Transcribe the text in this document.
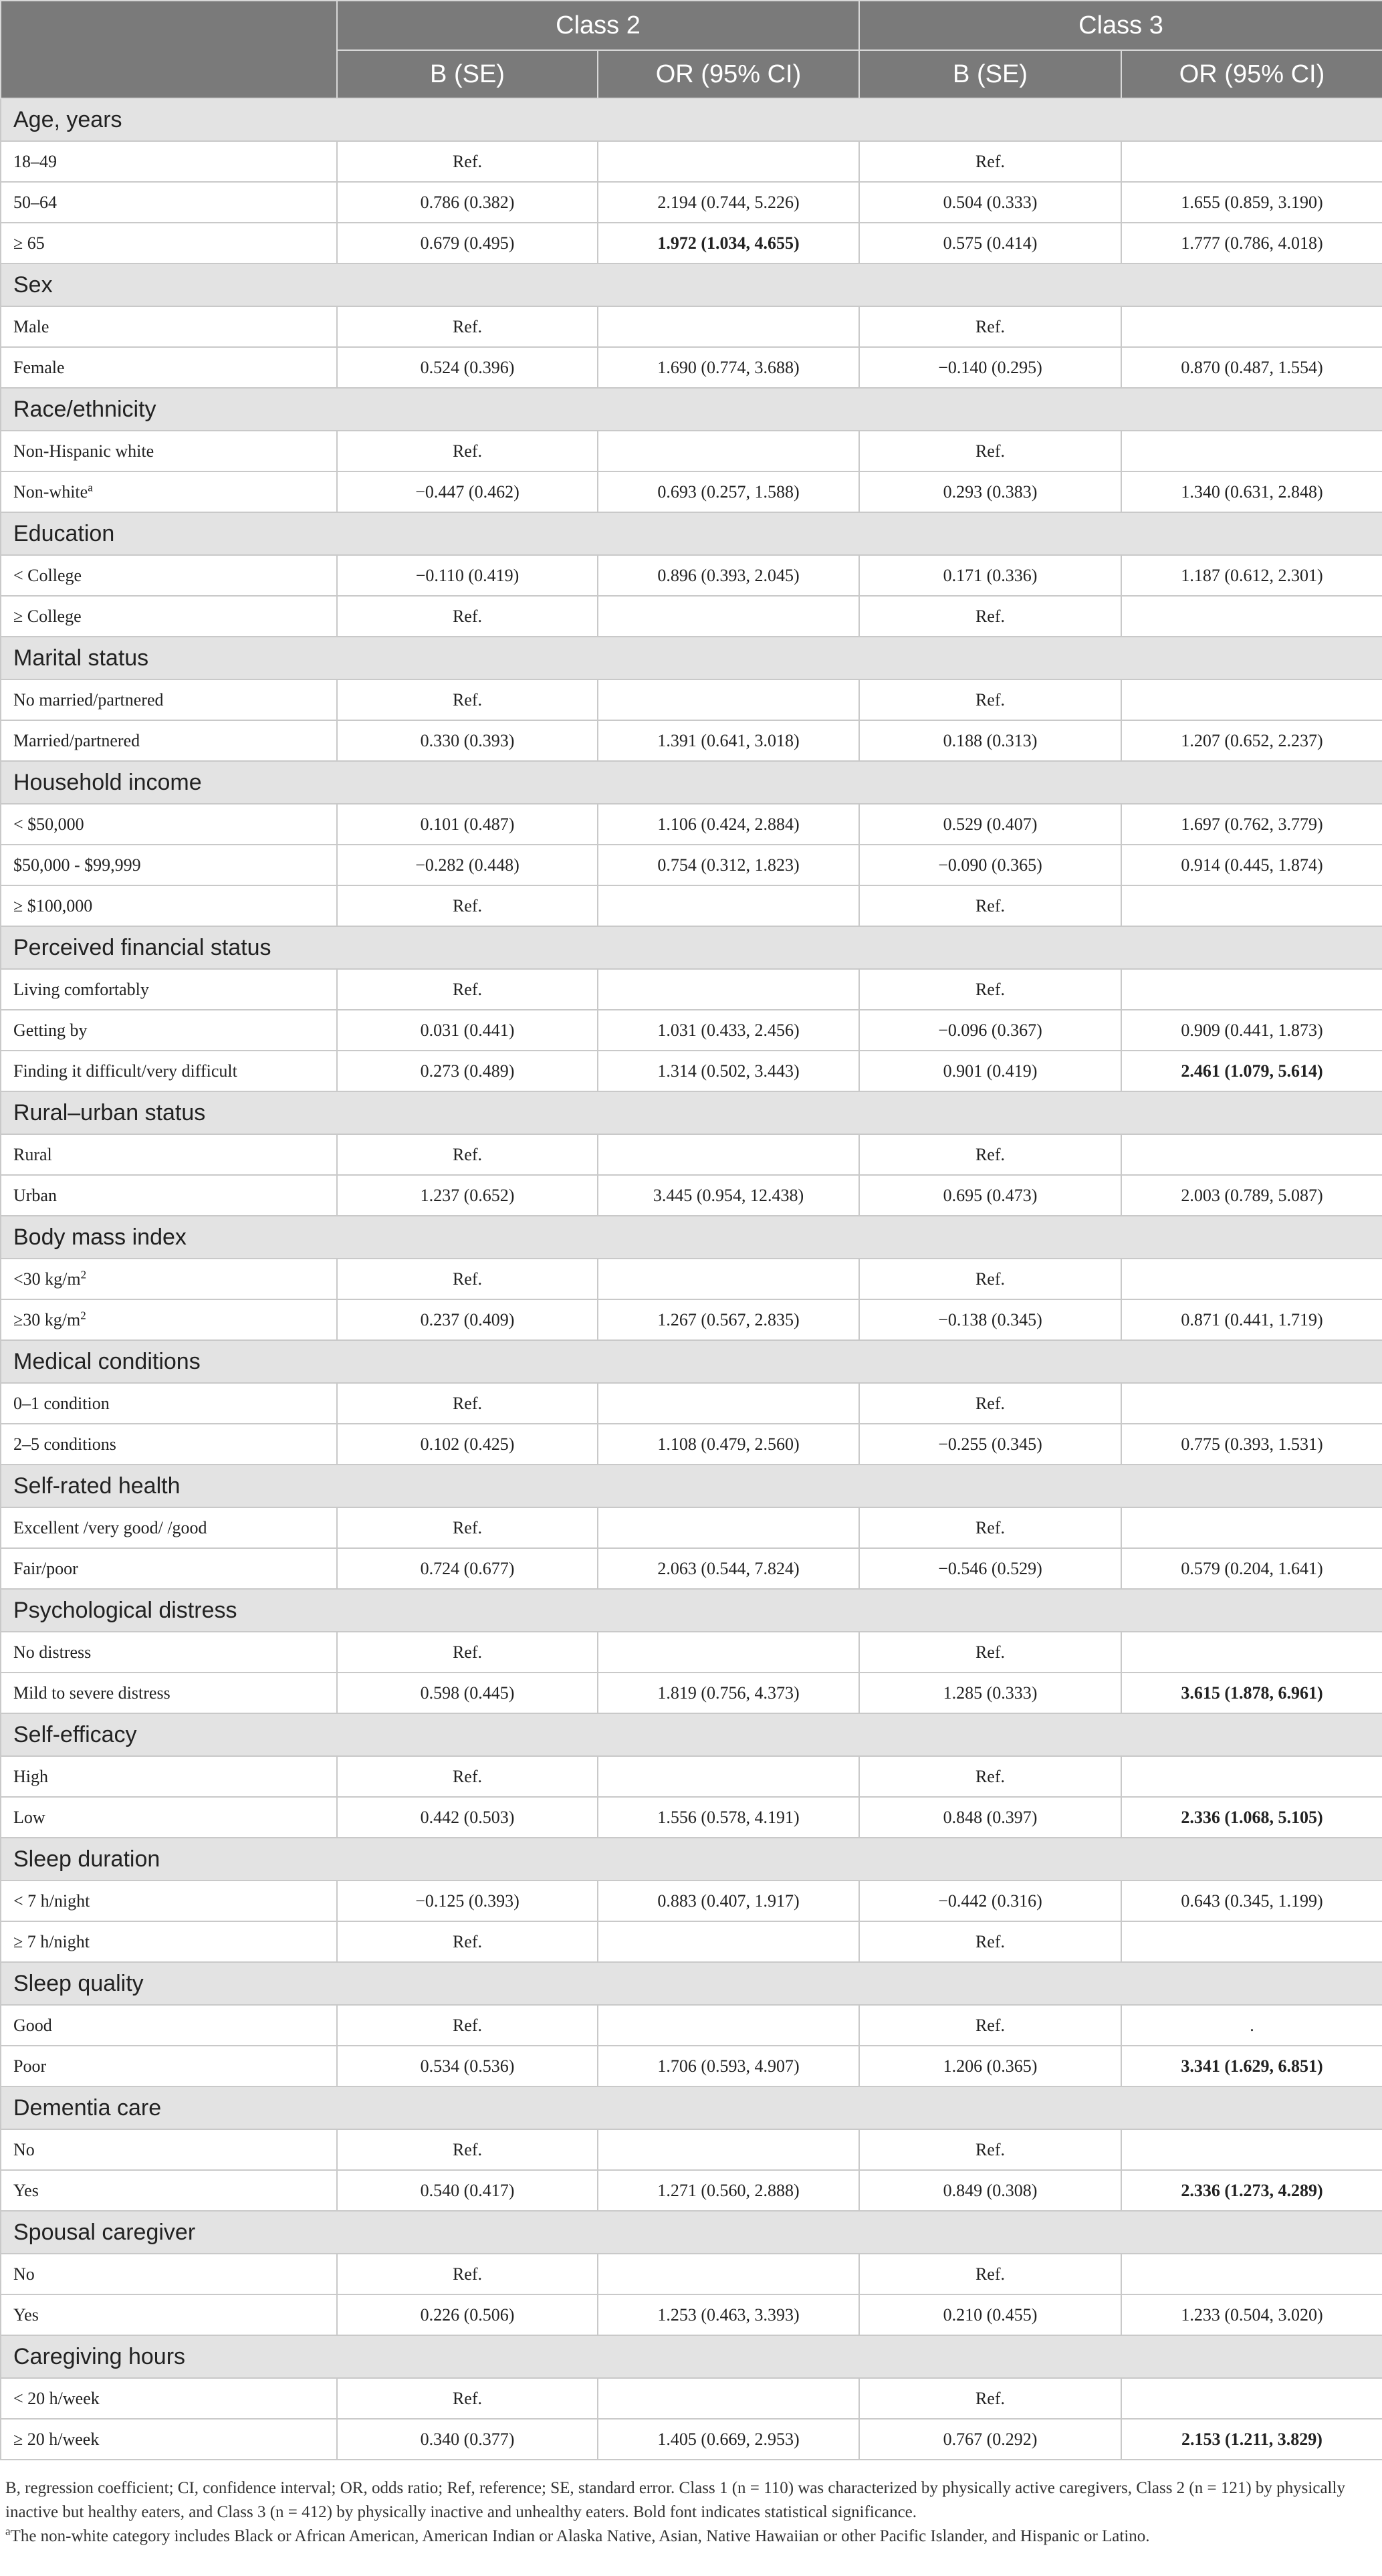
	Class 2		Class 3	
	B (SE)	OR (95% CI)	B (SE)	OR (95% CI)
Age, years				
18–49	Ref.		Ref.	
50–64	0.786 (0.382)	2.194 (0.744, 5.226)	0.504 (0.333)	1.655 (0.859, 3.190)
≥ 65	0.679 (0.495)	1.972 (1.034, 4.655)	0.575 (0.414)	1.777 (0.786, 4.018)
Sex				
Male	Ref.		Ref.	
Female	0.524 (0.396)	1.690 (0.774, 3.688)	−0.140 (0.295)	0.870 (0.487, 1.554)
Race/ethnicity				
Non-Hispanic white	Ref.		Ref.	
Non-white$^a$	−0.447 (0.462)	0.693 (0.257, 1.588)	0.293 (0.383)	1.340 (0.631, 2.848)
Education				
< College	−0.110 (0.419)	0.896 (0.393, 2.045)	0.171 (0.336)	1.187 (0.612, 2.301)
≥ College	Ref.		Ref.	
Marital status				
No married/partnered	Ref.		Ref.	
Married/partnered	0.330 (0.393)	1.391 (0.641, 3.018)	0.188 (0.313)	1.207 (0.652, 2.237)
Household income				
< $50,000	0.101 (0.487)	1.106 (0.424, 2.884)	0.529 (0.407)	1.697 (0.762, 3.779)
$50,000 - $99,999	−0.282 (0.448)	0.754 (0.312, 1.823)	−0.090 (0.365)	0.914 (0.445, 1.874)
≥ $100,000	Ref.		Ref.	
Perceived financial status				
Living comfortably	Ref.		Ref.	
Getting by	0.031 (0.441)	1.031 (0.433, 2.456)	−0.096 (0.367)	0.909 (0.441, 1.873)
Finding it difficult/very difficult	0.273 (0.489)	1.314 (0.502, 3.443)	0.901 (0.419)	2.461 (1.079, 5.614)
Rural–urban status				
Rural	Ref.		Ref.	
Urban	1.237 (0.652)	3.445 (0.954, 12.438)	0.695 (0.473)	2.003 (0.789, 5.087)
Body mass index				
<30 $kg/m^2$	Ref.		Ref.	
≥30 $kg/m^2$	0.237 (0.409)	1.267 (0.567, 2.835)	−0.138 (0.345)	0.871 (0.441, 1.719)
Medical conditions				
0–1 condition	Ref.		Ref.	
2–5 conditions	0.102 (0.425)	1.108 (0.479, 2.560)	−0.255 (0.345)	0.775 (0.393, 1.531)
Self-rated health				
Excellent /very good/ /good	Ref.		Ref.	
Fair/poor	0.724 (0.677)	2.063 (0.544, 7.824)	−0.546 (0.529)	0.579 (0.204, 1.641)
Psychological distress				
No distress	Ref.		Ref.	
Mild to severe distress	0.598 (0.445)	1.819 (0.756, 4.373)	1.285 (0.333)	3.615 (1.878, 6.961)
Self-efficacy				
High	Ref.		Ref.	
Low	0.442 (0.503)	1.556 (0.578, 4.191)	0.848 (0.397)	2.336 (1.068, 5.105)
Sleep duration				
< 7 h/night	−0.125 (0.393)	0.883 (0.407, 1.917)	−0.442 (0.316)	0.643 (0.345, 1.199)
≥ 7 h/night	Ref.		Ref.	
Sleep quality				
Good	Ref.		Ref.	.
Poor	0.534 (0.536)	1.706 (0.593, 4.907)	1.206 (0.365)	3.341 (1.629, 6.851)
Dementia care				
No	Ref.		Ref.	
Yes	0.540 (0.417)	1.271 (0.560, 2.888)	0.849 (0.308)	2.336 (1.273, 4.289)
Spousal caregiver				
No	Ref.		Ref.	
Yes	0.226 (0.506)	1.253 (0.463, 3.393)	0.210 (0.455)	1.233 (0.504, 3.020)
Caregiving hours				
< 20 h/week	Ref.		Ref.	
≥ 20 h/week	0.340 (0.377)	1.405 (0.669, 2.953)	0.767 (0.292)	2.153 (1.211, 3.829)

B, regression coefficient; CI, confidence interval; OR, odds ratio; Ref, reference; SE, standard error. Class 1 (n = 110) was characterized by physically active caregivers, Class 2 (n = 121) by physically inactive but healthy eaters, and Class 3 (n = 412) by physically inactive and unhealthy eaters. Bold font indicates statistical significance.

$^a$The non-white category includes Black or African American, American Indian or Alaska Native, Asian, Native Hawaiian or other Pacific Islander, and Hispanic or Latino.
